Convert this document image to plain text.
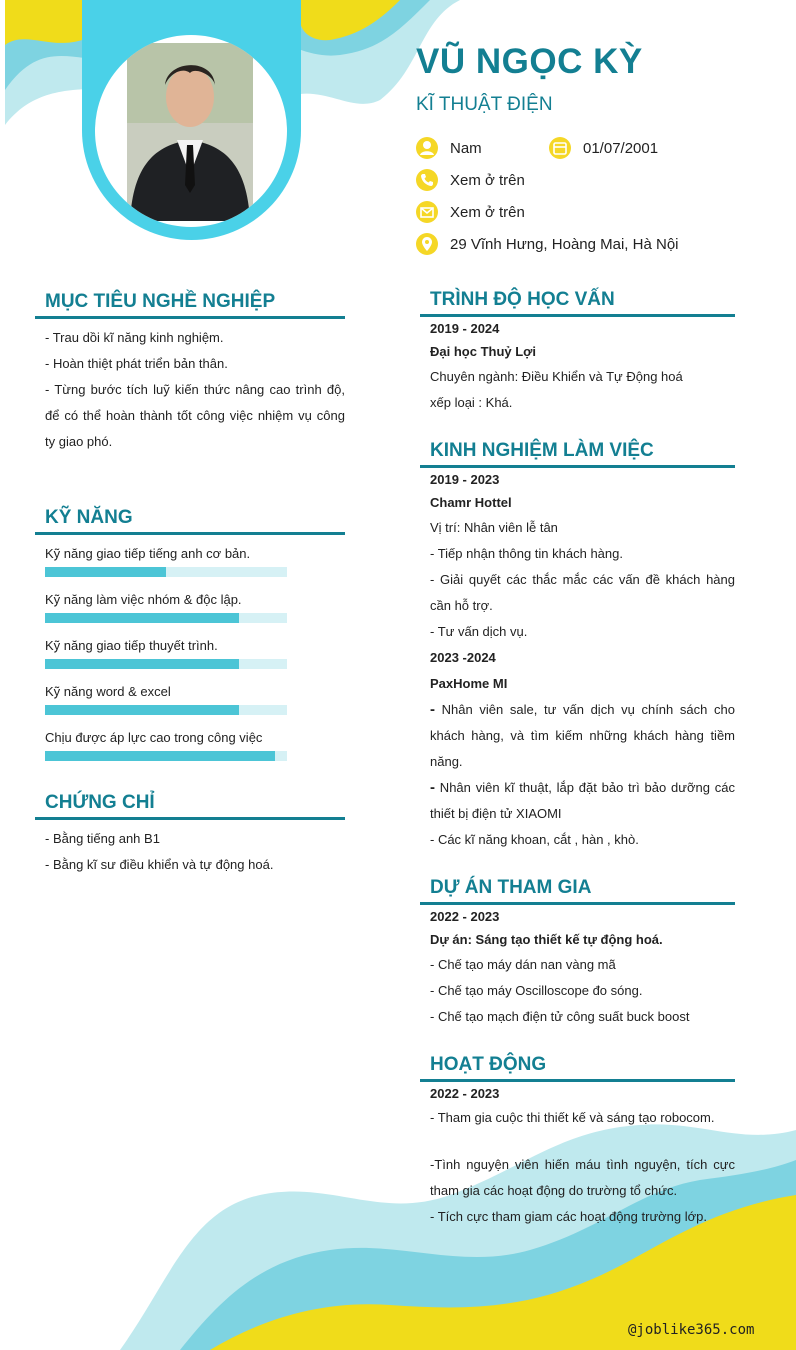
VŨ NGỌC KỲ
KĨ THUẬT ĐIỆN
Nam	01/07/2001
Xem ở trên
Xem ở trên
29 Vĩnh Hưng, Hoàng Mai, Hà Nội
MỤC TIÊU NGHỀ NGHIỆP

- Trau dồi kĩ năng kinh nghiệm.

- Hoàn thiệt phát triển bản thân.

- Từng bước tích luỹ kiến thức nâng cao trình độ, để có thể hoàn thành tốt công việc nhiệm vụ công ty giao phó.

KỸ NĂNG

Kỹ năng giao tiếp tiếng anh cơ bản.

Kỹ năng làm việc nhóm & độc lập.

Kỹ năng giao tiếp thuyết trình.

Kỹ năng word & excel

Chịu được áp lực cao trong công việc

CHỨNG CHỈ

- Bằng tiếng anh B1

- Bằng kĩ sư điều khiển và tự động hoá.

TRÌNH ĐỘ HỌC VẤN

2019 - 2024

Đại học Thuỷ Lợi

Chuyên ngành: Điều Khiển và Tự Động hoá

xếp loại : Khá.

KINH NGHIỆM LÀM VIỆC

2019 - 2023

Chamr Hottel

Vị trí: Nhân viên lễ tân

- Tiếp nhận thông tin khách hàng.

- Giải quyết các thắc mắc các vấn đề khách hàng cần hỗ trợ.

- Tư vấn dịch vụ.

2023 -2024

PaxHome MI

- Nhân viên sale, tư vấn dịch vụ chính sách cho khách hàng, và tìm kiếm những khách hàng tiềm năng.

- Nhân viên kĩ thuật, lắp đặt bảo trì bảo dưỡng các thiết bị điện tử XIAOMI

- Các kĩ năng khoan, cắt , hàn , khò.

DỰ ÁN THAM GIA

2022 - 2023

Dự án: Sáng tạo thiết kế tự động hoá.

- Chế tạo máy dán nan vàng mã

- Chế tạo máy Oscilloscope đo sóng.

- Chế tạo mạch điện tử công suất buck boost

HOẠT ĐỘNG

2022 - 2023

- Tham gia cuộc thi thiết kế và sáng tạo robocom.

-Tình nguyện viên hiến máu tình nguyện, tích cực tham gia các hoạt động do trường tổ chức.

- Tích cực tham giam các hoạt động trường lớp.

@joblike365.com
